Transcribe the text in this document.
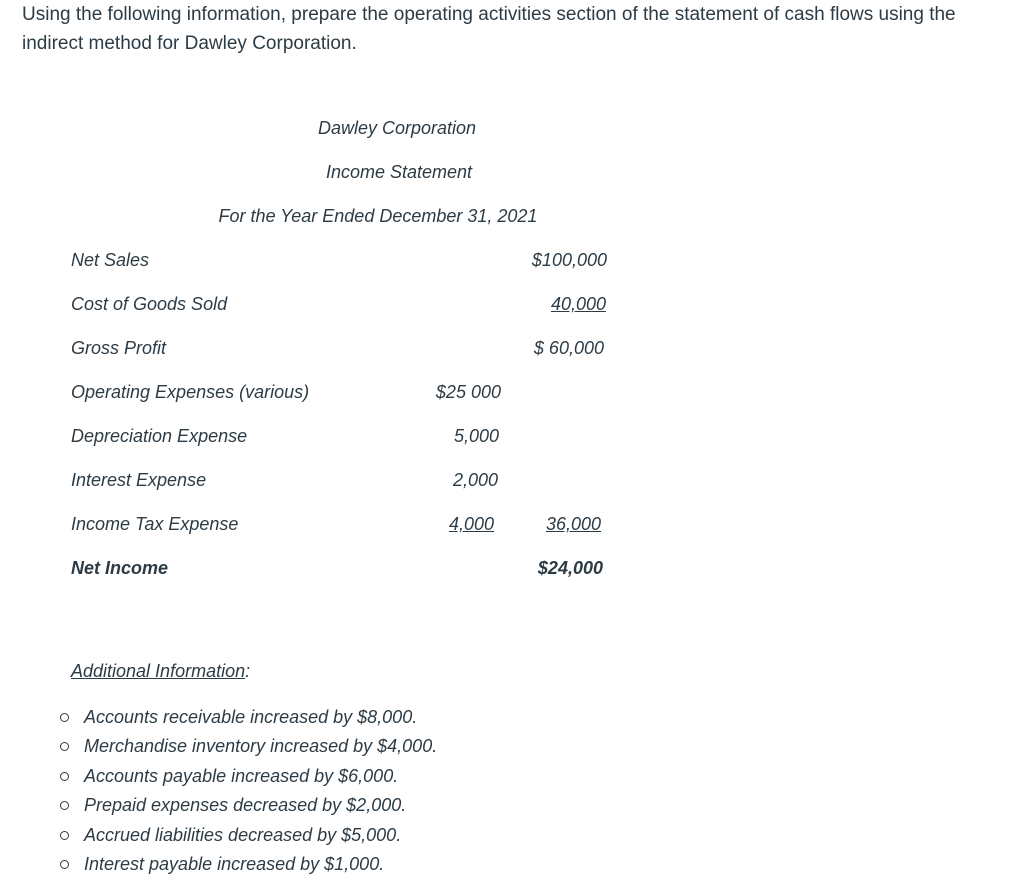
Using the following information, prepare the operating activities section of the statement of cash flows using the indirect method for Dawley Corporation.
Dawley Corporation
Income Statement
For the Year Ended December 31, 2021
Net Sales
Cost of Goods Sold
Gross Profit
Operating Expenses (various)
Depreciation Expense
Interest Expense
Income Tax Expense
Net Income
$25 000
5,000
2,000
4,000
$100,000
40,000
$ 60,000
36,000
$24,000
Additional Information:
Accounts receivable increased by $8,000.
Merchandise inventory increased by $4,000.
Accounts payable increased by $6,000.
Prepaid expenses decreased by $2,000.
Accrued liabilities decreased by $5,000.
Interest payable increased by $1,000.
